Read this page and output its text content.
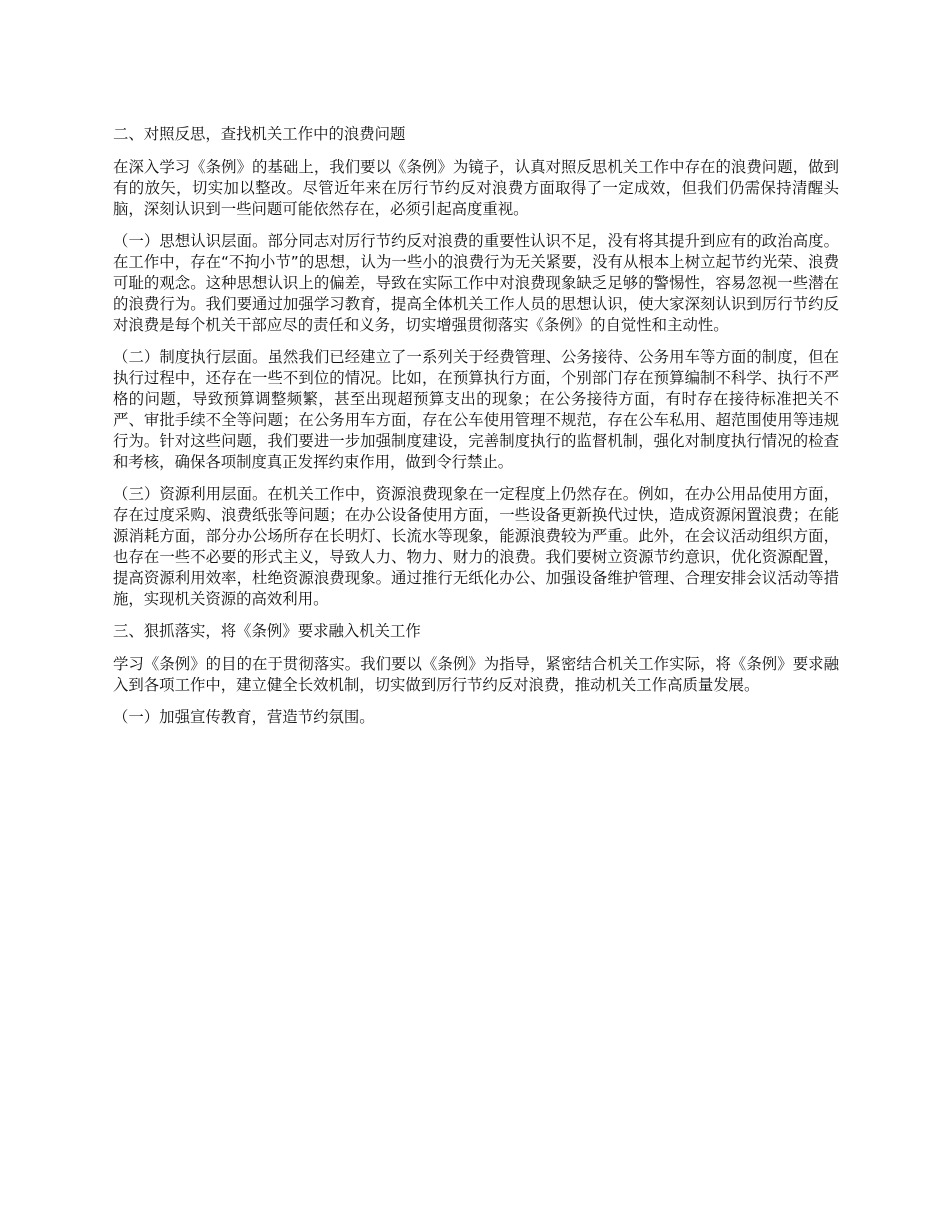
二、对照反思，查找机关工作中的浪费问题

在深入学习《条例》的基础上，我们要以《条例》为镜子，认真对照反思机关工作中存在的浪费问题，做到有的放矢，切实加以整改。尽管近年来在厉行节约反对浪费方面取得了一定成效，但我们仍需保持清醒头脑，深刻认识到一些问题可能依然存在，必须引起高度重视。

（一）思想认识层面。部分同志对厉行节约反对浪费的重要性认识不足，没有将其提升到应有的政治高度。在工作中，存在“不拘小节”的思想，认为一些小的浪费行为无关紧要，没有从根本上树立起节约光荣、浪费可耻的观念。这种思想认识上的偏差，导致在实际工作中对浪费现象缺乏足够的警惕性，容易忽视一些潜在的浪费行为。我们要通过加强学习教育，提高全体机关工作人员的思想认识，使大家深刻认识到厉行节约反对浪费是每个机关干部应尽的责任和义务，切实增强贯彻落实《条例》的自觉性和主动性。

（二）制度执行层面。虽然我们已经建立了一系列关于经费管理、公务接待、公务用车等方面的制度，但在执行过程中，还存在一些不到位的情况。比如，在预算执行方面，个别部门存在预算编制不科学、执行不严格的问题，导致预算调整频繁，甚至出现超预算支出的现象；在公务接待方面，有时存在接待标准把关不严、审批手续不全等问题；在公务用车方面，存在公车使用管理不规范，存在公车私用、超范围使用等违规行为。针对这些问题，我们要进一步加强制度建设，完善制度执行的监督机制，强化对制度执行情况的检查和考核，确保各项制度真正发挥约束作用，做到令行禁止。

（三）资源利用层面。在机关工作中，资源浪费现象在一定程度上仍然存在。例如，在办公用品使用方面，存在过度采购、浪费纸张等问题；在办公设备使用方面，一些设备更新换代过快，造成资源闲置浪费；在能源消耗方面，部分办公场所存在长明灯、长流水等现象，能源浪费较为严重。此外，在会议活动组织方面，也存在一些不必要的形式主义，导致人力、物力、财力的浪费。我们要树立资源节约意识，优化资源配置，提高资源利用效率，杜绝资源浪费现象。通过推行无纸化办公、加强设备维护管理、合理安排会议活动等措施，实现机关资源的高效利用。

三、狠抓落实，将《条例》要求融入机关工作

学习《条例》的目的在于贯彻落实。我们要以《条例》为指导，紧密结合机关工作实际，将《条例》要求融入到各项工作中，建立健全长效机制，切实做到厉行节约反对浪费，推动机关工作高质量发展。

（一）加强宣传教育，营造节约氛围。
